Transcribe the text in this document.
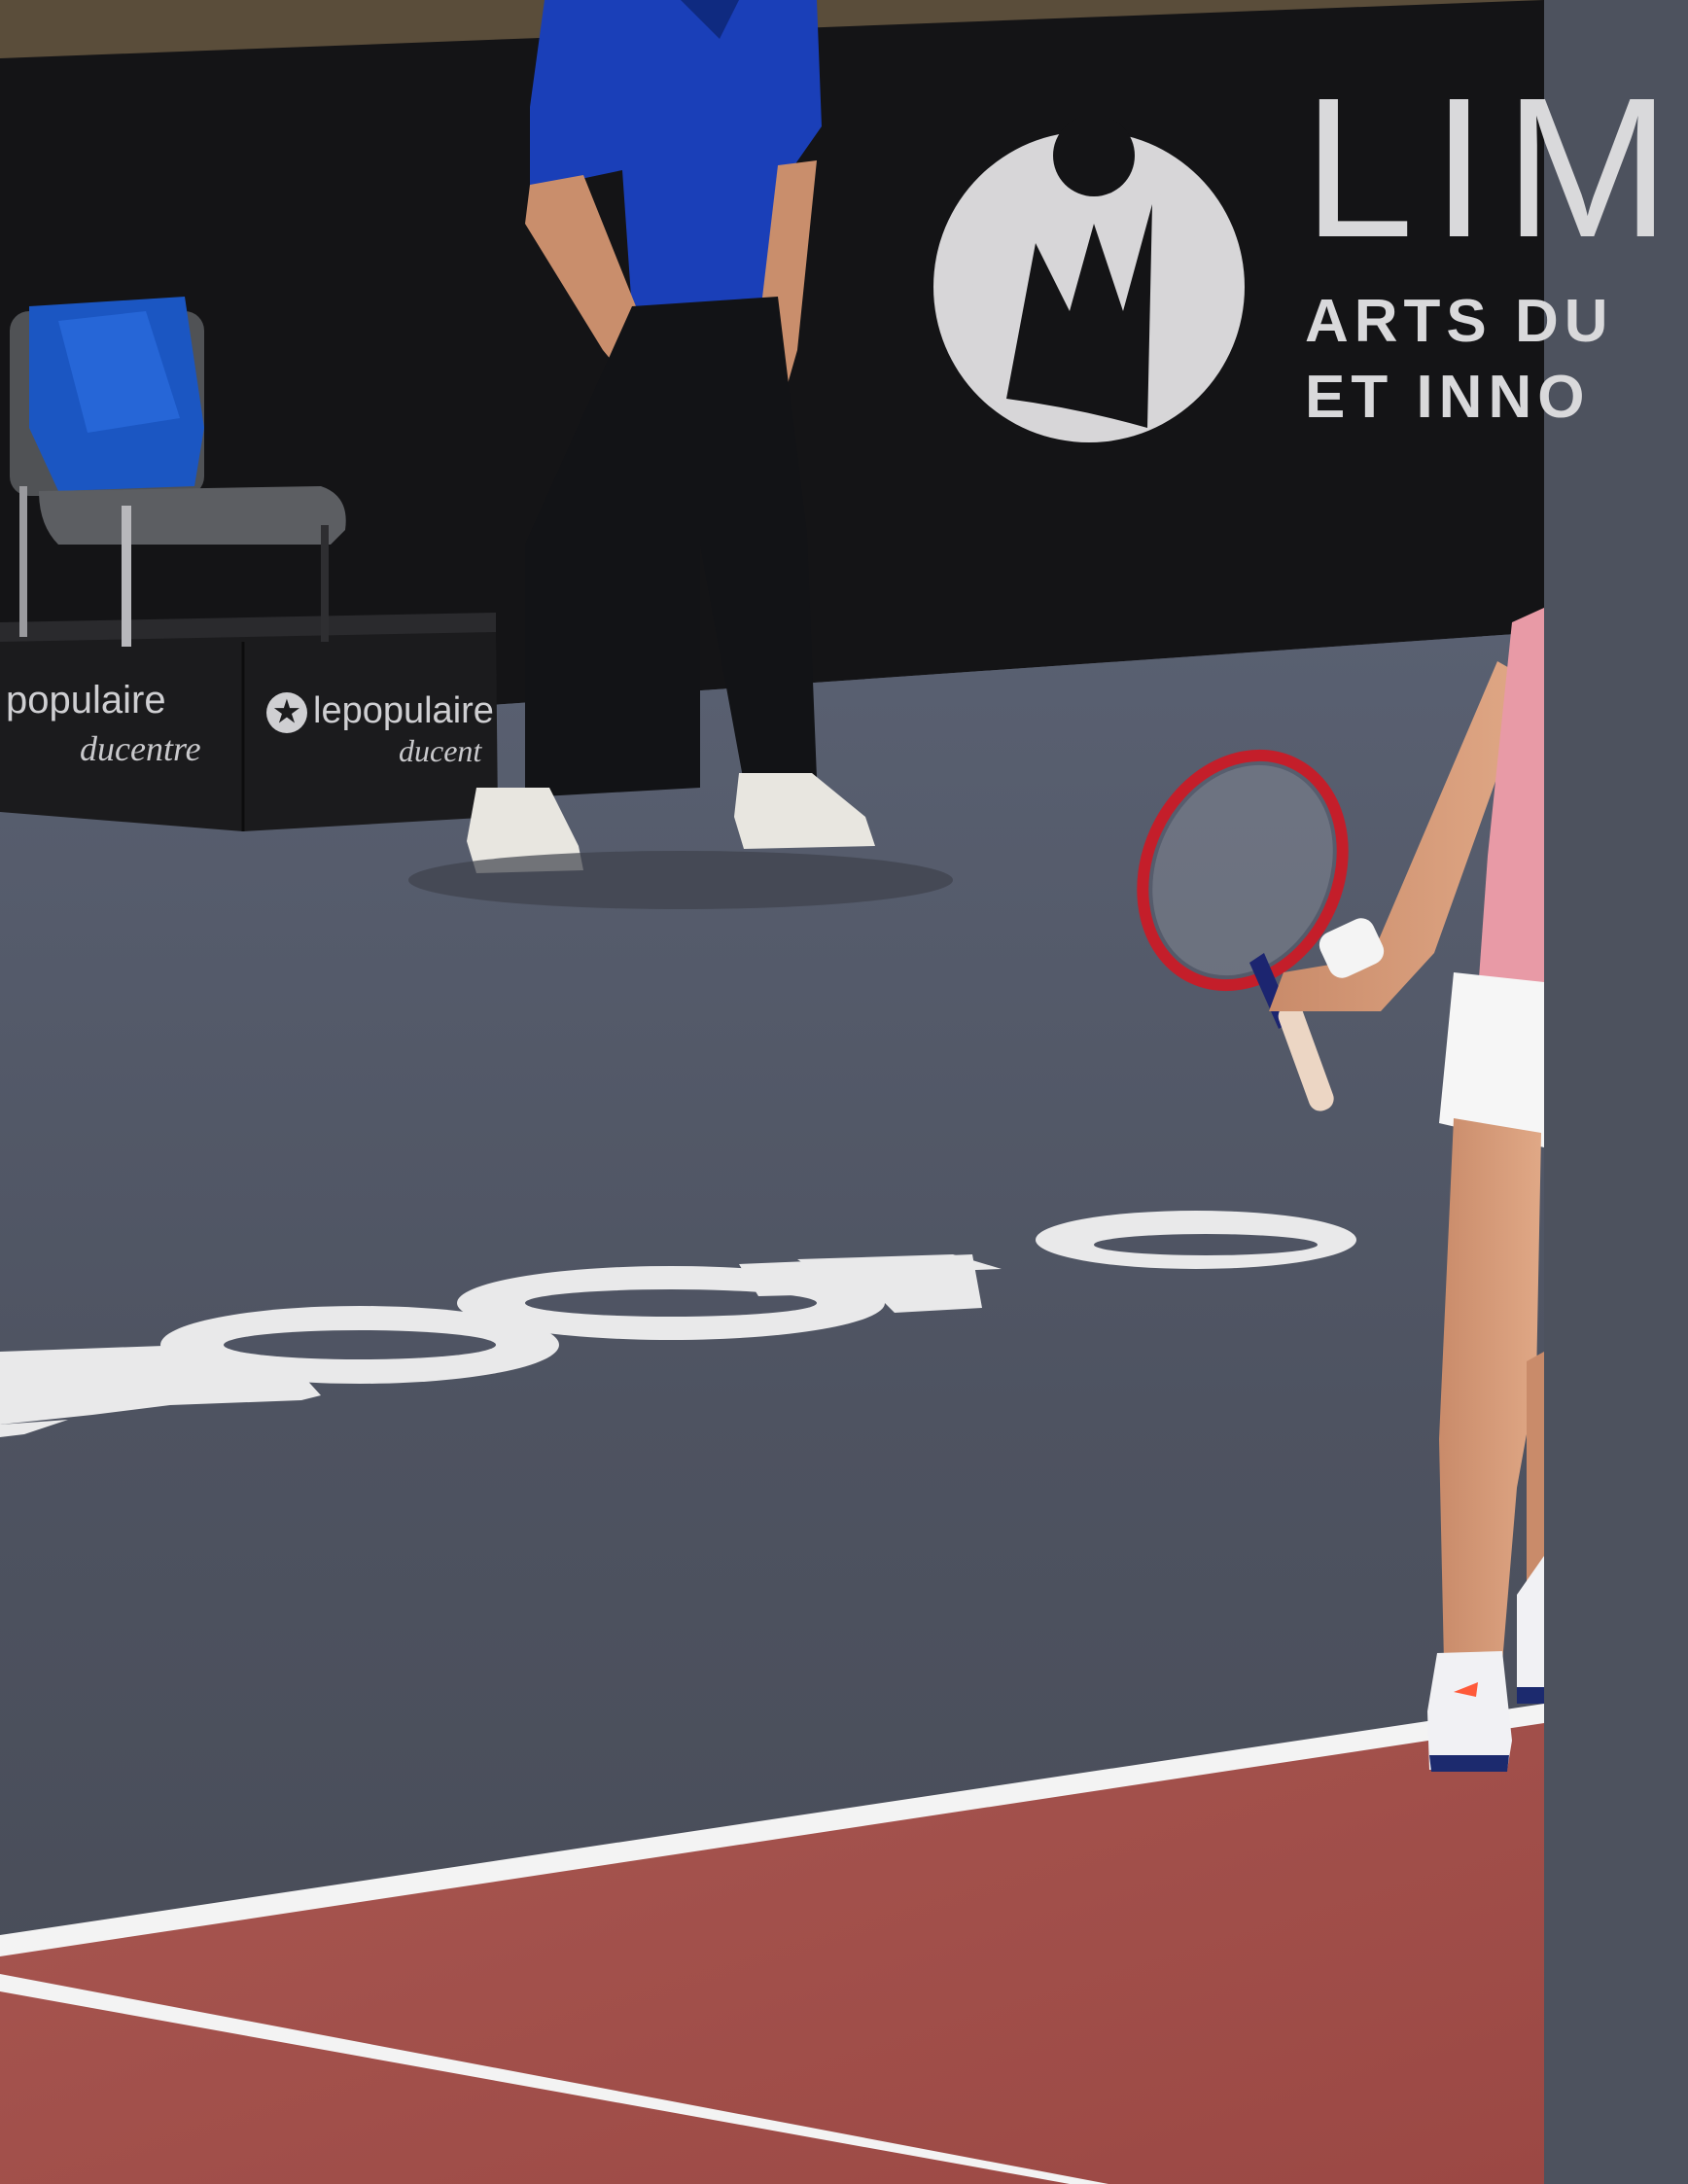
LIM
ARTS DU
ET INNO
populaire
ducentre
★ lepopulaire
ducent
